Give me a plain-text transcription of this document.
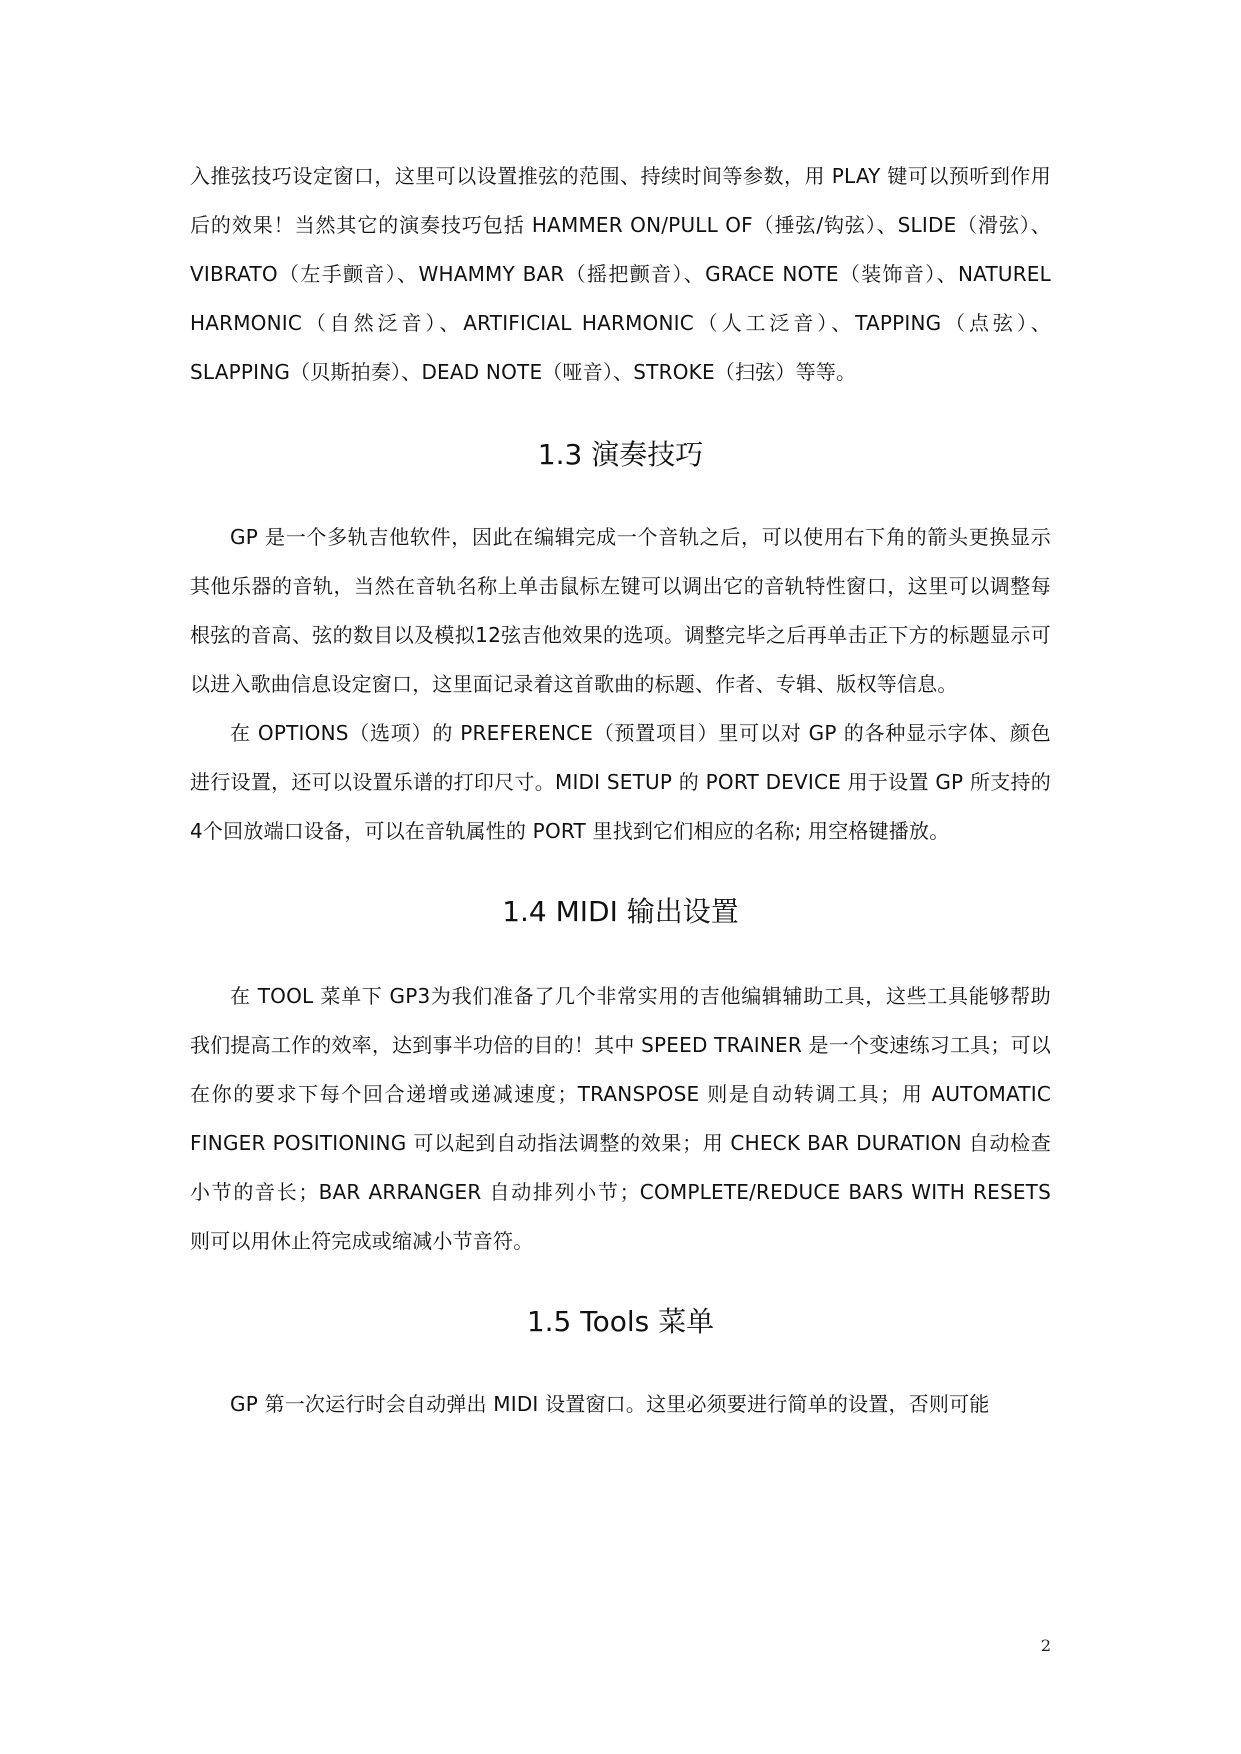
入推弦技巧设定窗口，这里可以设置推弦的范围、持续时间等参数，用 PLAY 键可以预听到作用后的效果！当然其它的演奏技巧包括 HAMMER ON/PULL OF（捶弦/钩弦）、SLIDE（滑弦）、VIBRATO（左手颤音）、WHAMMY BAR（摇把颤音）、GRACE NOTE（装饰音）、NATUREL HARMONIC（自然泛音）、ARTIFICIAL HARMONIC（人工泛音）、TAPPING（点弦）、SLAPPING（贝斯拍奏）、DEAD NOTE（哑音）、STROKE（扫弦）等等。

1.3 演奏技巧

GP 是一个多轨吉他软件，因此在编辑完成一个音轨之后，可以使用右下角的箭头更换显示其他乐器的音轨，当然在音轨名称上单击鼠标左键可以调出它的音轨特性窗口，这里可以调整每根弦的音高、弦的数目以及模拟12弦吉他效果的选项。调整完毕之后再单击正下方的标题显示可以进入歌曲信息设定窗口，这里面记录着这首歌曲的标题、作者、专辑、版权等信息。

在 OPTIONS（选项）的 PREFERENCE（预置项目）里可以对 GP 的各种显示字体、颜色进行设置，还可以设置乐谱的打印尺寸。MIDI SETUP 的 PORT DEVICE 用于设置 GP 所支持的4个回放端口设备，可以在音轨属性的 PORT 里找到它们相应的名称; 用空格键播放。

1.4 MIDI 输出设置

在 TOOL 菜单下 GP3为我们准备了几个非常实用的吉他编辑辅助工具，这些工具能够帮助我们提高工作的效率，达到事半功倍的目的！其中 SPEED TRAINER 是一个变速练习工具；可以在你的要求下每个回合递增或递减速度；TRANSPOSE 则是自动转调工具；用 AUTOMATIC FINGER POSITIONING 可以起到自动指法调整的效果；用 CHECK BAR DURATION 自动检查小节的音长；BAR ARRANGER 自动排列小节；COMPLETE/REDUCE BARS WITH RESETS 则可以用休止符完成或缩减小节音符。

1.5 Tools 菜单

GP 第一次运行时会自动弹出 MIDI 设置窗口。这里必须要进行简单的设置，否则可能

2
